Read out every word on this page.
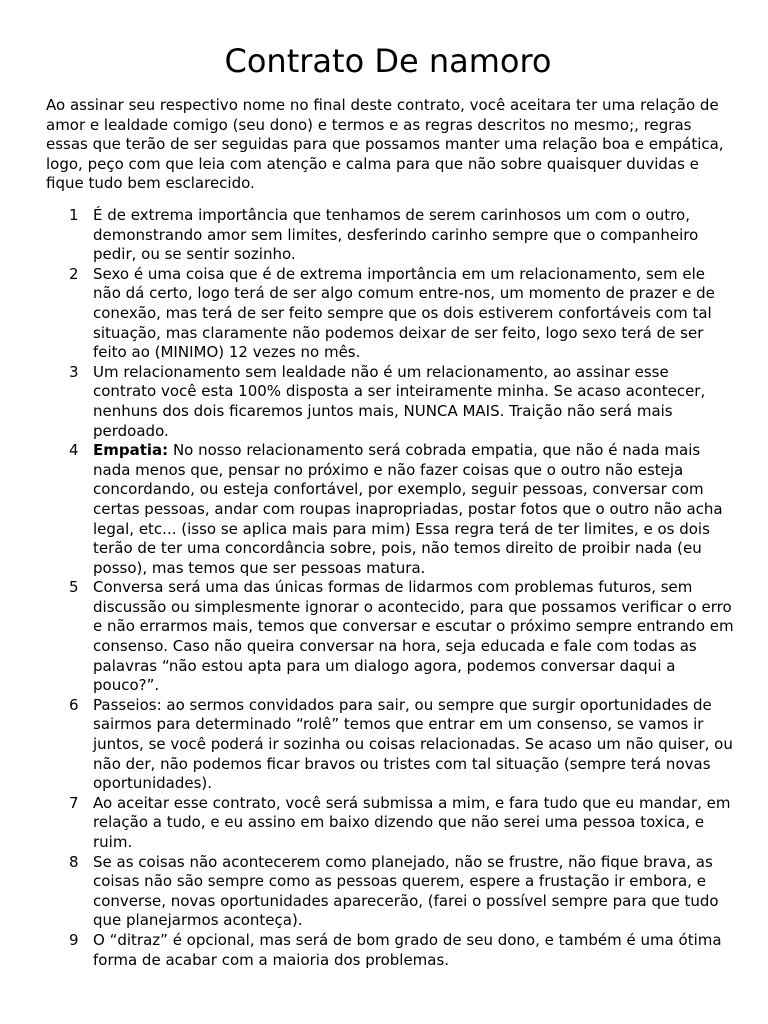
Contrato De namoro

Ao assinar seu respectivo nome no final deste contrato, você aceitara ter uma relação de amor e lealdade comigo (seu dono) e termos e as regras descritos no mesmo;, regras essas que terão de ser seguidas para que possamos manter uma relação boa e empática, logo, peço com que leia com atenção e calma para que não sobre quaisquer duvidas e fique tudo bem esclarecido.

1 É de extrema importância que tenhamos de serem carinhosos um com o outro, demonstrando amor sem limites, desferindo carinho sempre que o companheiro pedir, ou se sentir sozinho.
2 Sexo é uma coisa que é de extrema importância em um relacionamento, sem ele não dá certo, logo terá de ser algo comum entre-nos, um momento de prazer e de conexão, mas terá de ser feito sempre que os dois estiverem confortáveis com tal situação, mas claramente não podemos deixar de ser feito, logo sexo terá de ser feito ao (MINIMO) 12 vezes no mês.
3 Um relacionamento sem lealdade não é um relacionamento, ao assinar esse contrato você esta 100% disposta a ser inteiramente minha. Se acaso acontecer, nenhuns dos dois ficaremos juntos mais, NUNCA MAIS. Traição não será mais perdoado.
4 Empatia: No nosso relacionamento será cobrada empatia, que não é nada mais nada menos que, pensar no próximo e não fazer coisas que o outro não esteja concordando, ou esteja confortável, por exemplo, seguir pessoas, conversar com certas pessoas, andar com roupas inapropriadas, postar fotos que o outro não acha legal, etc... (isso se aplica mais para mim) Essa regra terá de ter limites, e os dois terão de ter uma concordância sobre, pois, não temos direito de proibir nada (eu posso), mas temos que ser pessoas matura.
5 Conversa será uma das únicas formas de lidarmos com problemas futuros, sem discussão ou simplesmente ignorar o acontecido, para que possamos verificar o erro e não errarmos mais, temos que conversar e escutar o próximo sempre entrando em consenso. Caso não queira conversar na hora, seja educada e fale com todas as palavras “não estou apta para um dialogo agora, podemos conversar daqui a pouco?”.
6 Passeios: ao sermos convidados para sair, ou sempre que surgir oportunidades de sairmos para determinado “rolê” temos que entrar em um consenso, se vamos ir juntos, se você poderá ir sozinha ou coisas relacionadas. Se acaso um não quiser, ou não der, não podemos ficar bravos ou tristes com tal situação (sempre terá novas oportunidades).
7 Ao aceitar esse contrato, você será submissa a mim, e fara tudo que eu mandar, em relação a tudo, e eu assino em baixo dizendo que não serei uma pessoa toxica, e ruim.
8 Se as coisas não acontecerem como planejado, não se frustre, não fique brava, as coisas não são sempre como as pessoas querem, espere a frustação ir embora, e converse, novas oportunidades aparecerão, (farei o possível sempre para que tudo que planejarmos aconteça).
9 O “ditraz” é opcional, mas será de bom grado de seu dono, e também é uma ótima forma de acabar com a maioria dos problemas.
